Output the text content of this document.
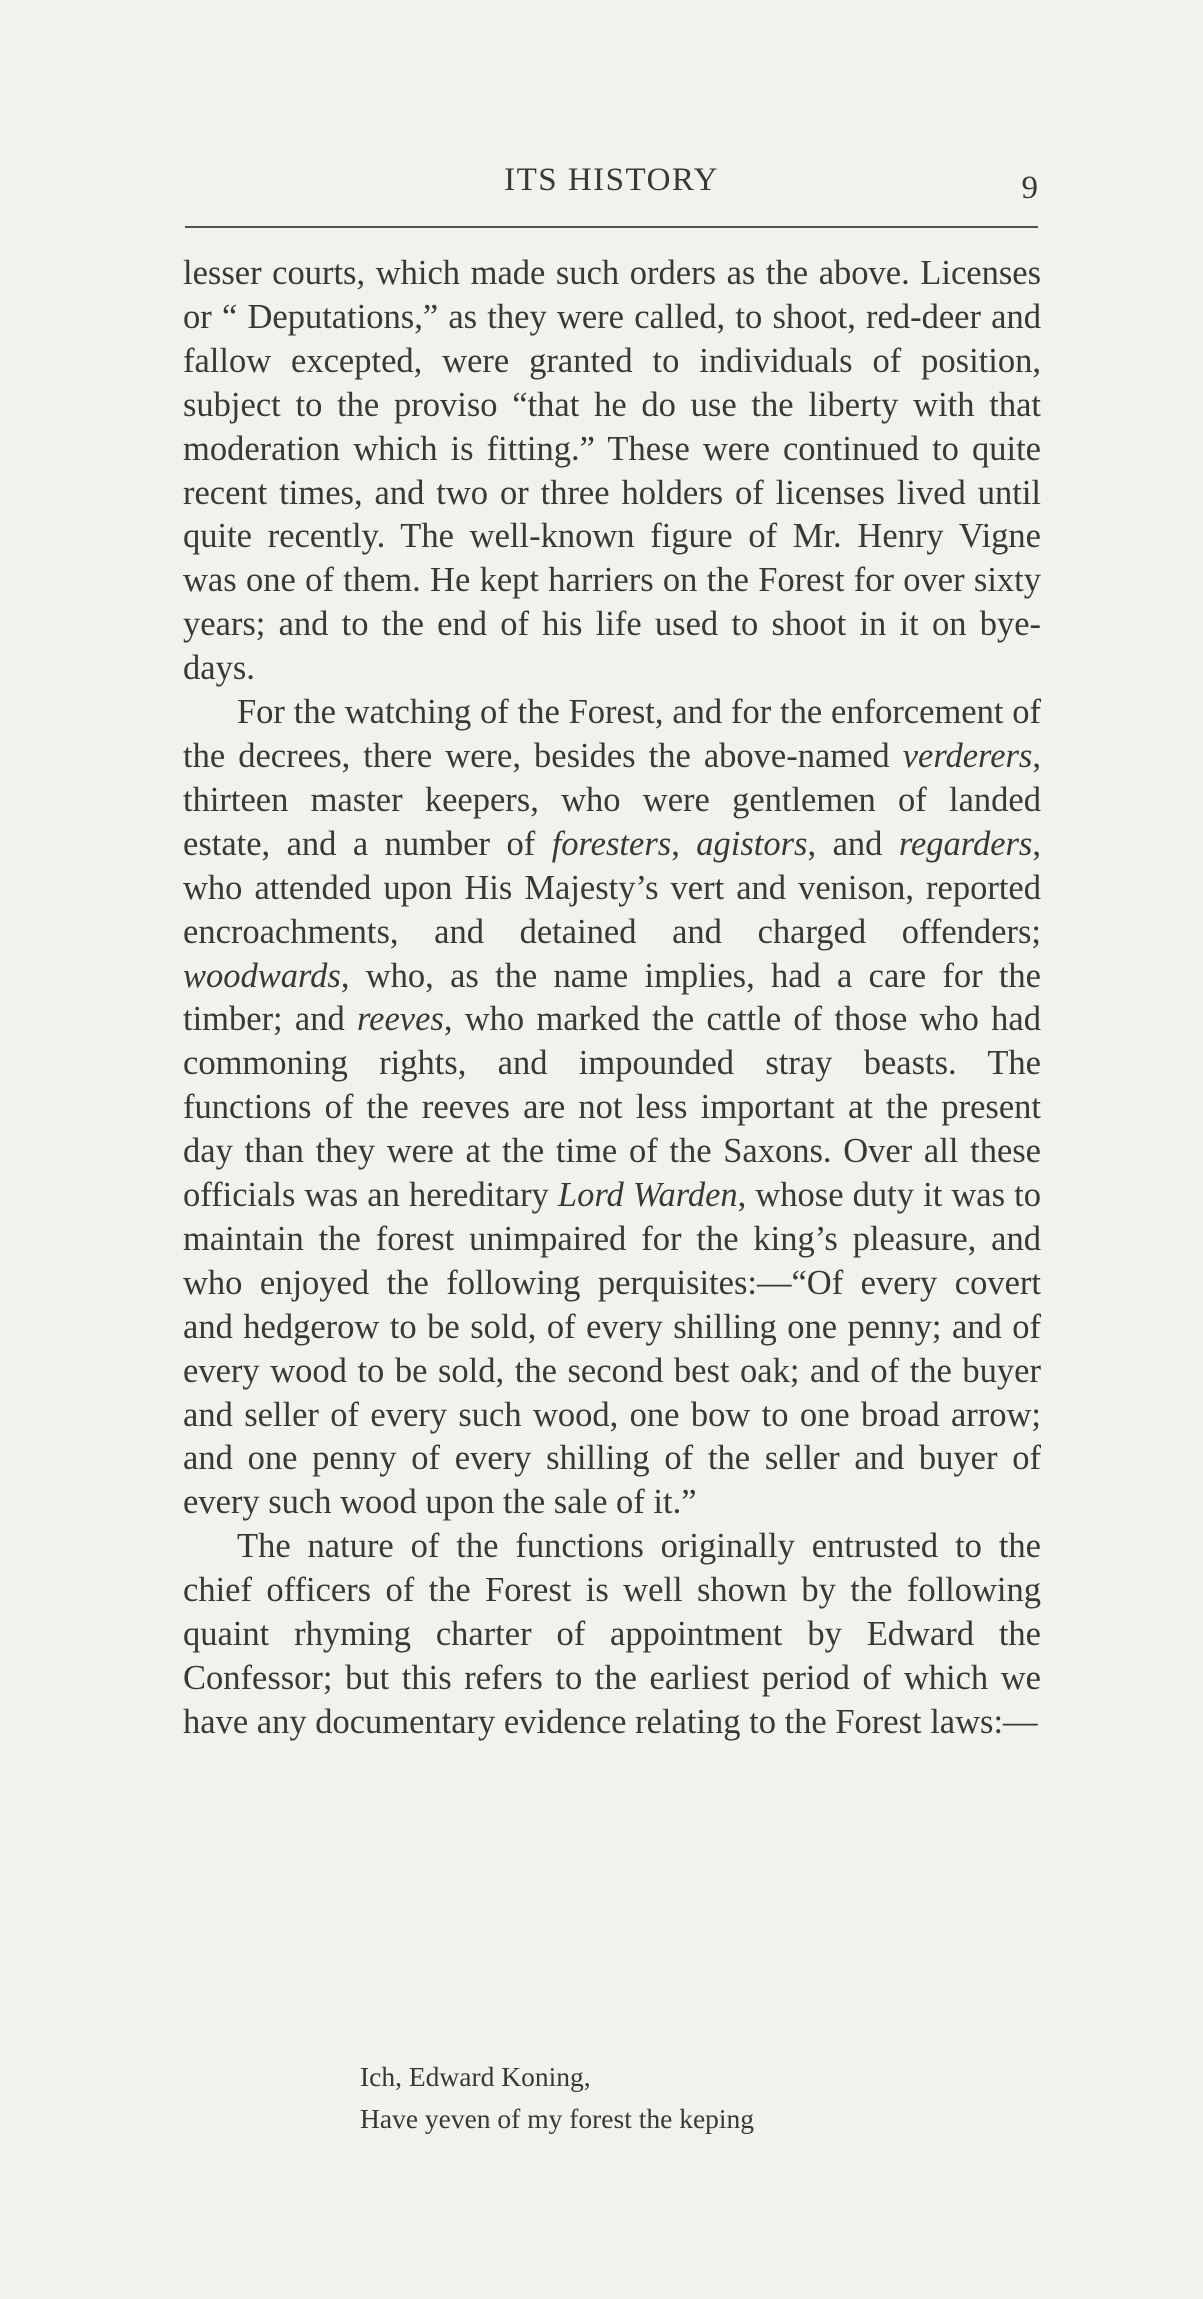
ITS HISTORY	9

lesser courts, which made such orders as the above. Licenses or “ Deputations,” as they were called, to shoot, red-deer and fallow excepted, were granted to individuals of position, subject to the proviso “that he do use the liberty with that moderation which is fitting.” These were continued to quite recent times, and two or three holders of licenses lived until quite recently. The well-known figure of Mr. Henry Vigne was one of them. He kept harriers on the Forest for over sixty years; and to the end of his life used to shoot in it on bye-days.

For the watching of the Forest, and for the enforcement of the decrees, there were, besides the above-named verderers, thirteen master keepers, who were gentlemen of landed estate, and a number of foresters, agistors, and regarders, who attended upon His Majesty’s vert and venison, reported encroachments, and detained and charged offenders; woodwards, who, as the name implies, had a care for the timber; and reeves, who marked the cattle of those who had commoning rights, and impounded stray beasts. The functions of the reeves are not less important at the present day than they were at the time of the Saxons. Over all these officials was an hereditary Lord Warden, whose duty it was to maintain the forest unimpaired for the king’s pleasure, and who enjoyed the following perquisites:—“Of every covert and hedgerow to be sold, of every shilling one penny; and of every wood to be sold, the second best oak; and of the buyer and seller of every such wood, one bow to one broad arrow; and one penny of every shilling of the seller and buyer of every such wood upon the sale of it.”

The nature of the functions originally entrusted to the chief officers of the Forest is well shown by the following quaint rhyming charter of appointment by Edward the Confessor; but this refers to the earliest period of which we have any documentary evidence relating to the Forest laws:—

Ich, Edward Koning,
Have yeven of my forest the keping
